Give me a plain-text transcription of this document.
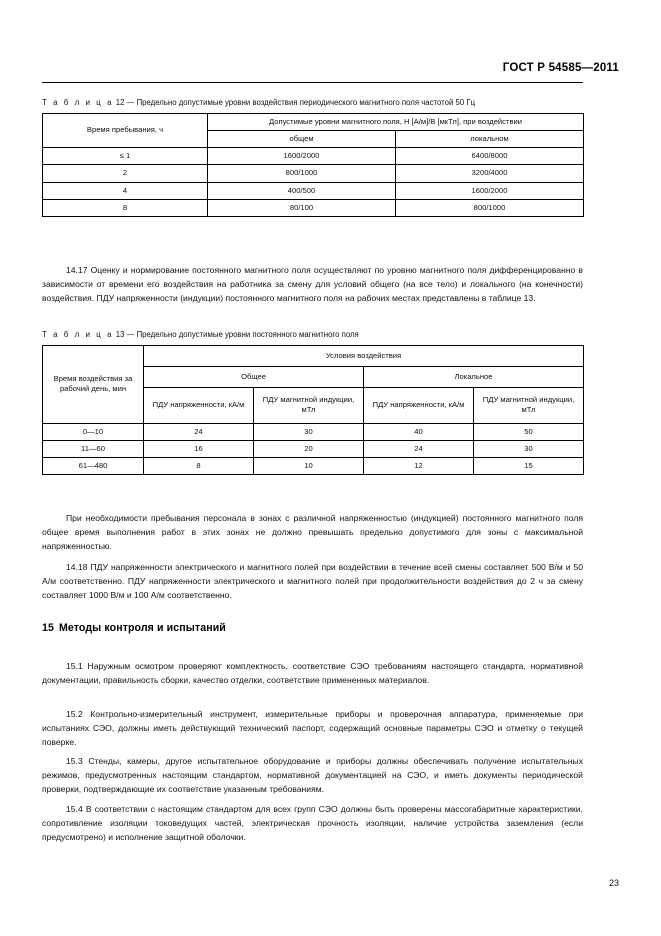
ГОСТ Р 54585—2011
Т а б л и ц а 12 — Предельно допустимые уровни воздействия периодического магнитного поля частотой 50 Гц
Время пребывания, ч	Допустимые уровни магнитного поля, Н [А/м]/В [мкТл], при воздействии	
	общем	локальном
≤ 1	1600/2000	6400/8000
2	800/1000	3200/4000
4	400/500	1600/2000
8	80/100	800/1000

14.17 Оценку и нормирование постоянного магнитного поля осуществляют по уровню магнитного поля дифференцированно в зависимости от времени его воздействия на работника за смену для условий общего (на все тело) и локального (на конечности) воздействия. ПДУ напряженности (индукции) постоянного магнитного поля на рабочих местах представлены в таблице 13.

Т а б л и ц а 13 — Предельно допустимые уровни постоянного магнитного поля
Время воздействия за рабочий день, мин	Условия воздействия			
	Общее		Локальное	
	ПДУ напряженности, кА/м	ПДУ магнитной индукции, мТл	ПДУ напряженности, кА/м	ПДУ магнитной индукции, мТл
0—10	24	30	40	50
11—60	16	20	24	30
61—480	8	10	12	15

При необходимости пребывания персонала в зонах с различной напряженностью (индукцией) постоянного магнитного поля общее время выполнения работ в этих зонах не должно превышать предельно допустимого для зоны с максимальной напряженностью.

14.18 ПДУ напряженности электрического и магнитного полей при воздействии в течение всей смены составляет 500 В/м и 50 А/м соответственно. ПДУ напряженности электрического и магнитного полей при продолжительности воздействия до 2 ч за смену составляет 1000 В/м и 100 А/м соответственно.

15 Методы контроля и испытаний

15.1 Наружным осмотром проверяют комплектность, соответствие СЭО требованиям настоящего стандарта, нормативной документации, правильность сборки, качество отделки, соответствие примененных материалов.

15.2 Контрольно-измерительный инструмент, измерительные приборы и проверочная аппаратура, применяемые при испытаниях СЭО, должны иметь действующий технический паспорт, содержащий основные параметры СЭО и отметку о текущей поверке.

15.3 Стенды, камеры, другое испытательное оборудование и приборы должны обеспечивать получение испытательных режимов, предусмотренных настоящим стандартом, нормативной документацией на СЭО, и иметь документы периодической проверки, подтверждающие их соответствие указанным требованиям.

15.4 В соответствии с настоящим стандартом для всех групп СЭО должны быть проверены массогабаритные характеристики, сопротивление изоляции токоведущих частей, электрическая прочность изоляции, наличие устройства заземления (если предусмотрено) и исполнение защитной оболочки.

23
